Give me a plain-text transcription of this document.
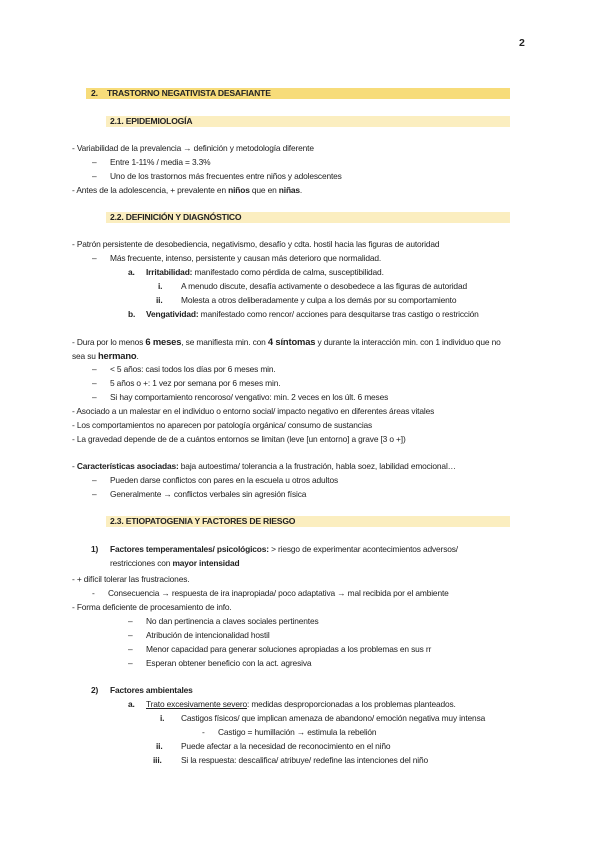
2
2. TRASTORNO NEGATIVISTA DESAFIANTE
2.1. EPIDEMIOLOGÍA
- Variabilidad de la prevalencia → definición y metodología diferente
– Entre 1-11% / media = 3.3%
– Uno de los trastornos más frecuentes entre niños y adolescentes
- Antes de la adolescencia, + prevalente en niños que en niñas.
2.2. DEFINICIÓN Y DIAGNÓSTICO
- Patrón persistente de desobediencia, negativismo, desafío y cdta. hostil hacia las figuras de autoridad
– Más frecuente, intenso, persistente y causan más deterioro que normalidad.
a. Irritabilidad: manifestado como pérdida de calma, susceptibilidad.
i. A menudo discute, desafía activamente o desobedece a las figuras de autoridad
ii. Molesta a otros deliberadamente y culpa a los demás por su comportamiento
b. Vengatividad: manifestado como rencor/ acciones para desquitarse tras castigo o restricción
- Dura por lo menos 6 meses, se manifiesta min. con 4 síntomas y durante la interacción min. con 1 individuo que no
sea su hermano.
– < 5 años: casi todos los días por 6 meses min.
– 5 años o +: 1 vez por semana por 6 meses min.
– Si hay comportamiento rencoroso/ vengativo: min. 2 veces en los últ. 6 meses
- Asociado a un malestar en el individuo o entorno social/ impacto negativo en diferentes áreas vitales
- Los comportamientos no aparecen por patología orgánica/ consumo de sustancias
- La gravedad depende de de a cuántos entornos se limitan (leve [un entorno] a grave [3 o +])
- Características asociadas: baja autoestima/ tolerancia a la frustración, habla soez, labilidad emocional…
– Pueden darse conflictos con pares en la escuela u otros adultos
– Generalmente → conflictos verbales sin agresión física
2.3. ETIOPATOGENIA Y FACTORES DE RIESGO
1) Factores temperamentales/ psicológicos: > riesgo de experimentar acontecimientos adversos/
restricciones con mayor intensidad
- + difícil tolerar las frustraciones.
- Consecuencia → respuesta de ira inapropiada/ poco adaptativa → mal recibida por el ambiente
- Forma deficiente de procesamiento de info.
– No dan pertinencia a claves sociales pertinentes
– Atribución de intencionalidad hostil
– Menor capacidad para generar soluciones apropiadas a los problemas en sus rr
– Esperan obtener beneficio con la act. agresiva
2) Factores ambientales
a. Trato excesivamente severo: medidas desproporcionadas a los problemas planteados.
i. Castigos físicos/ que implican amenaza de abandono/ emoción negativa muy intensa
- Castigo = humillación → estimula la rebelión
ii. Puede afectar a la necesidad de reconocimiento en el niño
iii. Si la respuesta: descalifica/ atribuye/ redefine las intenciones del niño
